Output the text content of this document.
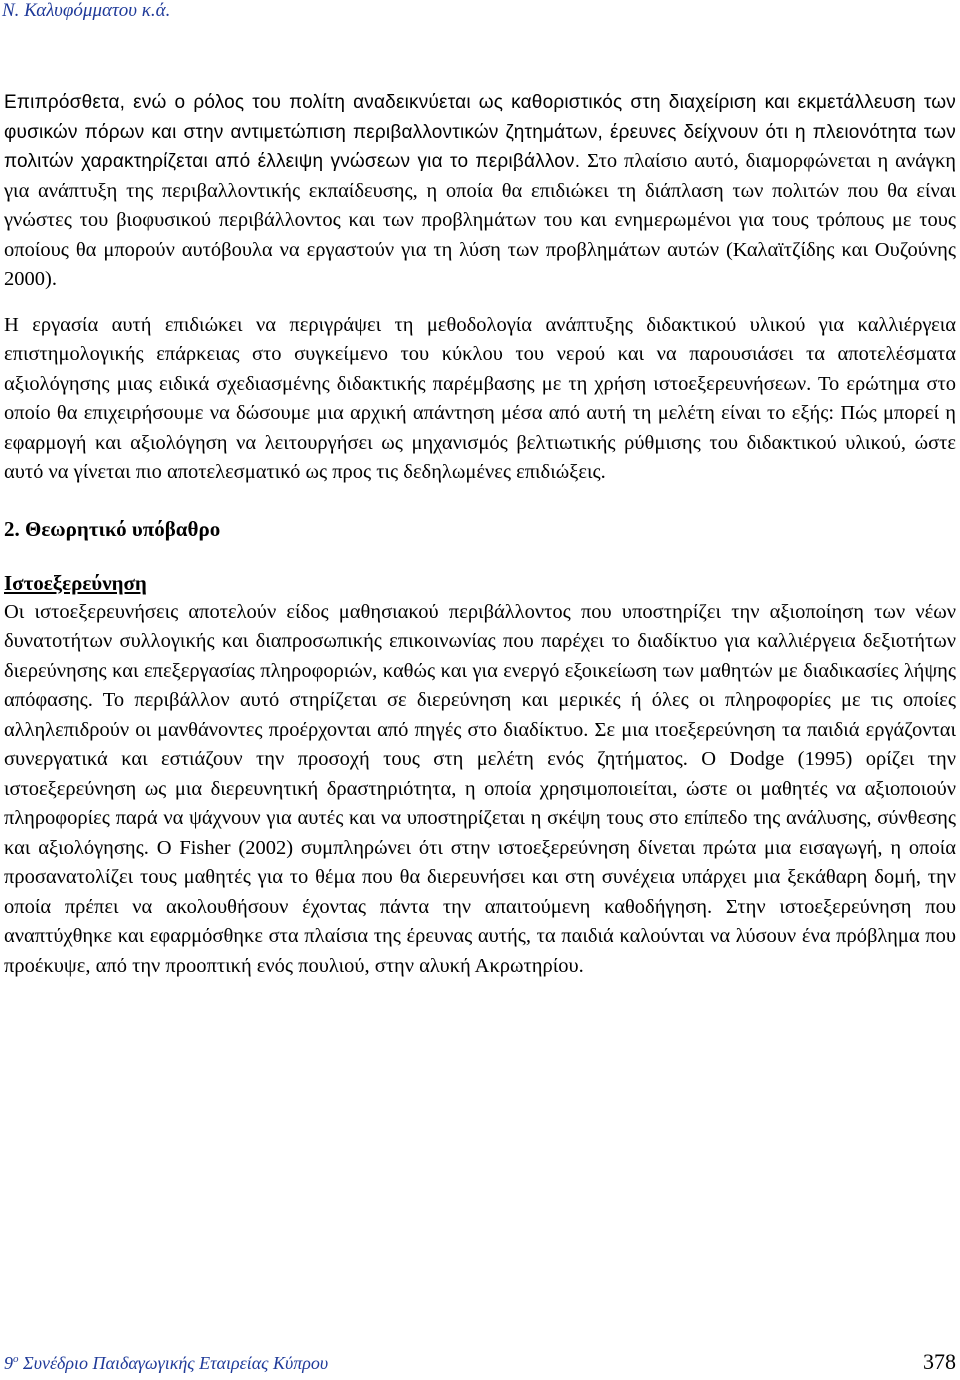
Ν. Καλυφόμματου κ.ά.

Επιπρόσθετα, ενώ ο ρόλος του πολίτη αναδεικνύεται ως καθοριστικός στη διαχείριση και εκμετάλλευση των φυσικών πόρων και στην αντιμετώπιση περιβαλλοντικών ζητημάτων, έρευνες δείχνουν ότι η πλειονότητα των πολιτών χαρακτηρίζεται από έλλειψη γνώσεων για το περιβάλλον. Στο πλαίσιο αυτό, διαμορφώνεται η ανάγκη για ανάπτυξη της περιβαλλοντικής εκπαίδευσης, η οποία θα επιδιώκει τη διάπλαση των πολιτών που θα είναι γνώστες του βιοφυσικού περιβάλλοντος και των προβλημάτων του και ενημερωμένοι για τους τρόπους με τους οποίους θα μπορούν αυτόβουλα να εργαστούν για τη λύση των προβλημάτων αυτών (Καλαϊτζίδης και Ουζούνης 2000).

Η εργασία αυτή επιδιώκει να περιγράψει τη μεθοδολογία ανάπτυξης διδακτικού υλικού για καλλιέργεια επιστημολογικής επάρκειας στο συγκείμενο του κύκλου του νερού και να παρουσιάσει τα αποτελέσματα αξιολόγησης μιας ειδικά σχεδιασμένης διδακτικής παρέμβασης με τη χρήση ιστοεξερευνήσεων. Το ερώτημα στο οποίο θα επιχειρήσουμε να δώσουμε μια αρχική απάντηση μέσα από αυτή τη μελέτη είναι το εξής: Πώς μπορεί η εφαρμογή και αξιολόγηση να λειτουργήσει ως μηχανισμός βελτιωτικής ρύθμισης του διδακτικού υλικού, ώστε αυτό να γίνεται πιο αποτελεσματικό ως προς τις δεδηλωμένες επιδιώξεις.

2. Θεωρητικό υπόβαθρο
Ιστοεξερεύνηση

Οι ιστοεξερευνήσεις αποτελούν είδος μαθησιακού περιβάλλοντος που υποστηρίζει την αξιοποίηση των νέων δυνατοτήτων συλλογικής και διαπροσωπικής επικοινωνίας που παρέχει το διαδίκτυο για καλλιέργεια δεξιοτήτων διερεύνησης και επεξεργασίας πληροφοριών, καθώς και για ενεργό εξοικείωση των μαθητών με διαδικασίες λήψης απόφασης. Το περιβάλλον αυτό στηρίζεται σε διερεύνηση και μερικές ή όλες οι πληροφορίες με τις οποίες αλληλεπιδρούν οι μανθάνοντες προέρχονται από πηγές στο διαδίκτυο. Σε μια ιτοεξερεύνηση τα παιδιά εργάζονται συνεργατικά και εστιάζουν την προσοχή τους στη μελέτη ενός ζητήματος. Ο Dodge (1995) ορίζει την ιστοεξερεύνηση ως μια διερευνητική δραστηριότητα, η οποία χρησιμοποιείται, ώστε οι μαθητές να αξιοποιούν πληροφορίες παρά να ψάχνουν για αυτές και να υποστηρίζεται η σκέψη τους στο επίπεδο της ανάλυσης, σύνθεσης και αξιολόγησης. Ο Fisher (2002) συμπληρώνει ότι στην ιστοεξερεύνηση δίνεται πρώτα μια εισαγωγή, η οποία προσανατολίζει τους μαθητές για το θέμα που θα διερευνήσει και στη συνέχεια υπάρχει μια ξεκάθαρη δομή, την οποία πρέπει να ακολουθήσουν έχοντας πάντα την απαιτούμενη καθοδήγηση. Στην ιστοεξερεύνηση που αναπτύχθηκε και εφαρμόσθηκε στα πλαίσια της έρευνας αυτής, τα παιδιά καλούνται να λύσουν ένα πρόβλημα που προέκυψε, από την προοπτική ενός πουλιού, στην αλυκή Ακρωτηρίου.

$9^o$ Συνέδριο Παιδαγωγικής Εταιρείας Κύπρου	378
